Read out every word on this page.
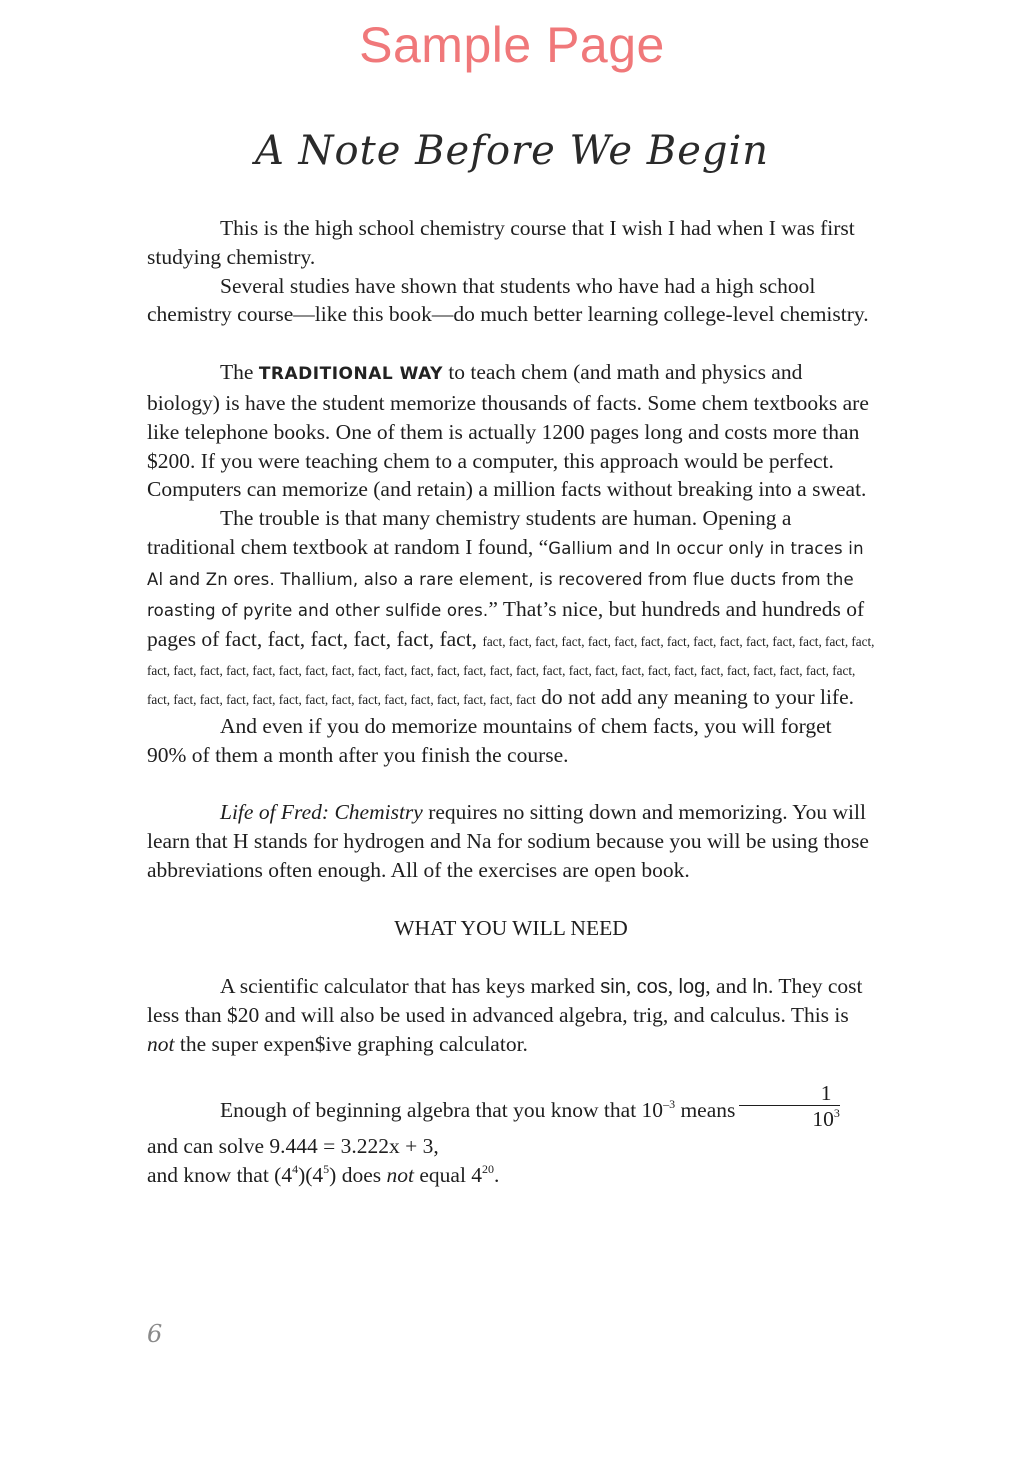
Sample Page
A Note Before We Begin

This is the high school chemistry course that I wish I had when I was first studying chemistry.

Several studies have shown that students who have had a high school chemistry course—like this book—do much better learning college-level chemistry.

The TRADITIONAL WAY to teach chem (and math and physics and biology) is have the student memorize thousands of facts. Some chem textbooks are like telephone books. One of them is actually 1200 pages long and costs more than $200. If you were teaching chem to a computer, this approach would be perfect. Computers can memorize (and retain) a million facts without breaking into a sweat.

The trouble is that many chemistry students are human. Opening a traditional chem textbook at random I found, “Gallium and In occur only in traces in Al and Zn ores. Thallium, also a rare element, is recovered from flue ducts from the roasting of pyrite and other sulfide ores.” That’s nice, but hundreds and hundreds of pages of fact, fact, fact, fact, fact, fact, fact, fact, fact, fact, fact, fact, fact, fact, fact, fact, fact, fact, fact, fact, fact, fact, fact, fact, fact, fact, fact, fact, fact, fact, fact, fact, fact, fact, fact, fact, fact, fact, fact, fact, fact, fact, fact, fact, fact, fact, fact, fact, fact, fact, fact, fact, fact, fact, fact, fact, fact, fact, fact, fact, fact, fact, fact do not add any meaning to your life.

And even if you do memorize mountains of chem facts, you will forget 90% of them a month after you finish the course.

Life of Fred: Chemistry requires no sitting down and memorizing. You will learn that H stands for hydrogen and Na for sodium because you will be using those abbreviations often enough. All of the exercises are open book.

WHAT YOU WILL NEED

A scientific calculator that has keys marked sin, cos, log, and ln. They cost less than $20 and will also be used in advanced algebra, trig, and calculus. This is not the super expen$ive graphing calculator.

Enough of beginning algebra that you know that $10^{-3}$ means $\frac{1}{10^3}$

and can solve 9.444 = 3.222x + 3,

and know that $(4^4)(4^5)$ does not equal $4^{20}$.

6
